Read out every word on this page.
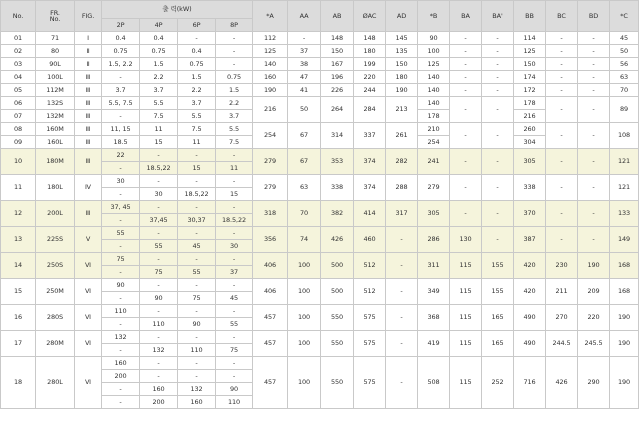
No.	FR.
No.	FIG.	출 력(kW)				*A	AA	AB	ØAC	AD	*B	BA	BA'	BB	BC	BD	*C
			2P	4P	6P	8P												
01	71	Ⅰ	0.4	0.4	-	-	112	-	148	148	145	90	-	-	114	-	-	45
02	80	Ⅱ	0.75	0.75	0.4	-	125	37	150	180	135	100	-	-	125	-	-	50
03	90L	Ⅱ	1.5, 2.2	1.5	0.75	-	140	38	167	199	150	125	-	-	150	-	-	56
04	100L	Ⅲ	-	2.2	1.5	0.75	160	47	196	220	180	140	-	-	174	-	-	63
05	112M	Ⅲ	3.7	3.7	2.2	1.5	190	41	226	244	190	140	-	-	172	-	-	70
06	132S	Ⅲ	5.5, 7.5	5.5	3.7	2.2	216	50	264	284	213	140	-	-	178	-	-	89
07	132M	Ⅲ	-	7.5	5.5	3.7						178			216			
08	160M	Ⅲ	11, 15	11	7.5	5.5	254	67	314	337	261	210	-	-	260	-	-	108
09	160L	Ⅲ	18.5	15	11	7.5						254			304			
10	180M	Ⅲ	22	-	-	-	279	67	353	374	282	241	-	-	305	-	-	121
			-	18.5,22	15	11												
11	180L	Ⅳ	30	-	-	-	279	63	338	374	288	279	-	-	338	-	-	121
			-	30	18.5,22	15												
12	200L	Ⅲ	37, 45	-	-	-	318	70	382	414	317	305	-	-	370	-	-	133
			-	37,45	30,37	18.5,22												
13	225S	Ⅴ	55	-	-	-	356	74	426	460	-	286	130	-	387	-	-	149
			-	55	45	30												
14	250S	Ⅵ	75	-	-	-	406	100	500	512	-	311	115	155	420	230	190	168
			-	75	55	37												
15	250M	Ⅵ	90	-	-	-	406	100	500	512	-	349	115	155	420	211	209	168
			-	90	75	45												
16	280S	Ⅵ	110	-	-	-	457	100	550	575	-	368	115	165	490	270	220	190
			-	110	90	55												
17	280M	Ⅵ	132	-	-	-	457	100	550	575	-	419	115	165	490	244.5	245.5	190
			-	132	110	75												
18	280L	Ⅵ	160	-	-	-	457	100	550	575	-	508	115	252	716	426	290	190
			200	-	-	-												
			-	160	132	90												
			-	200	160	110												
